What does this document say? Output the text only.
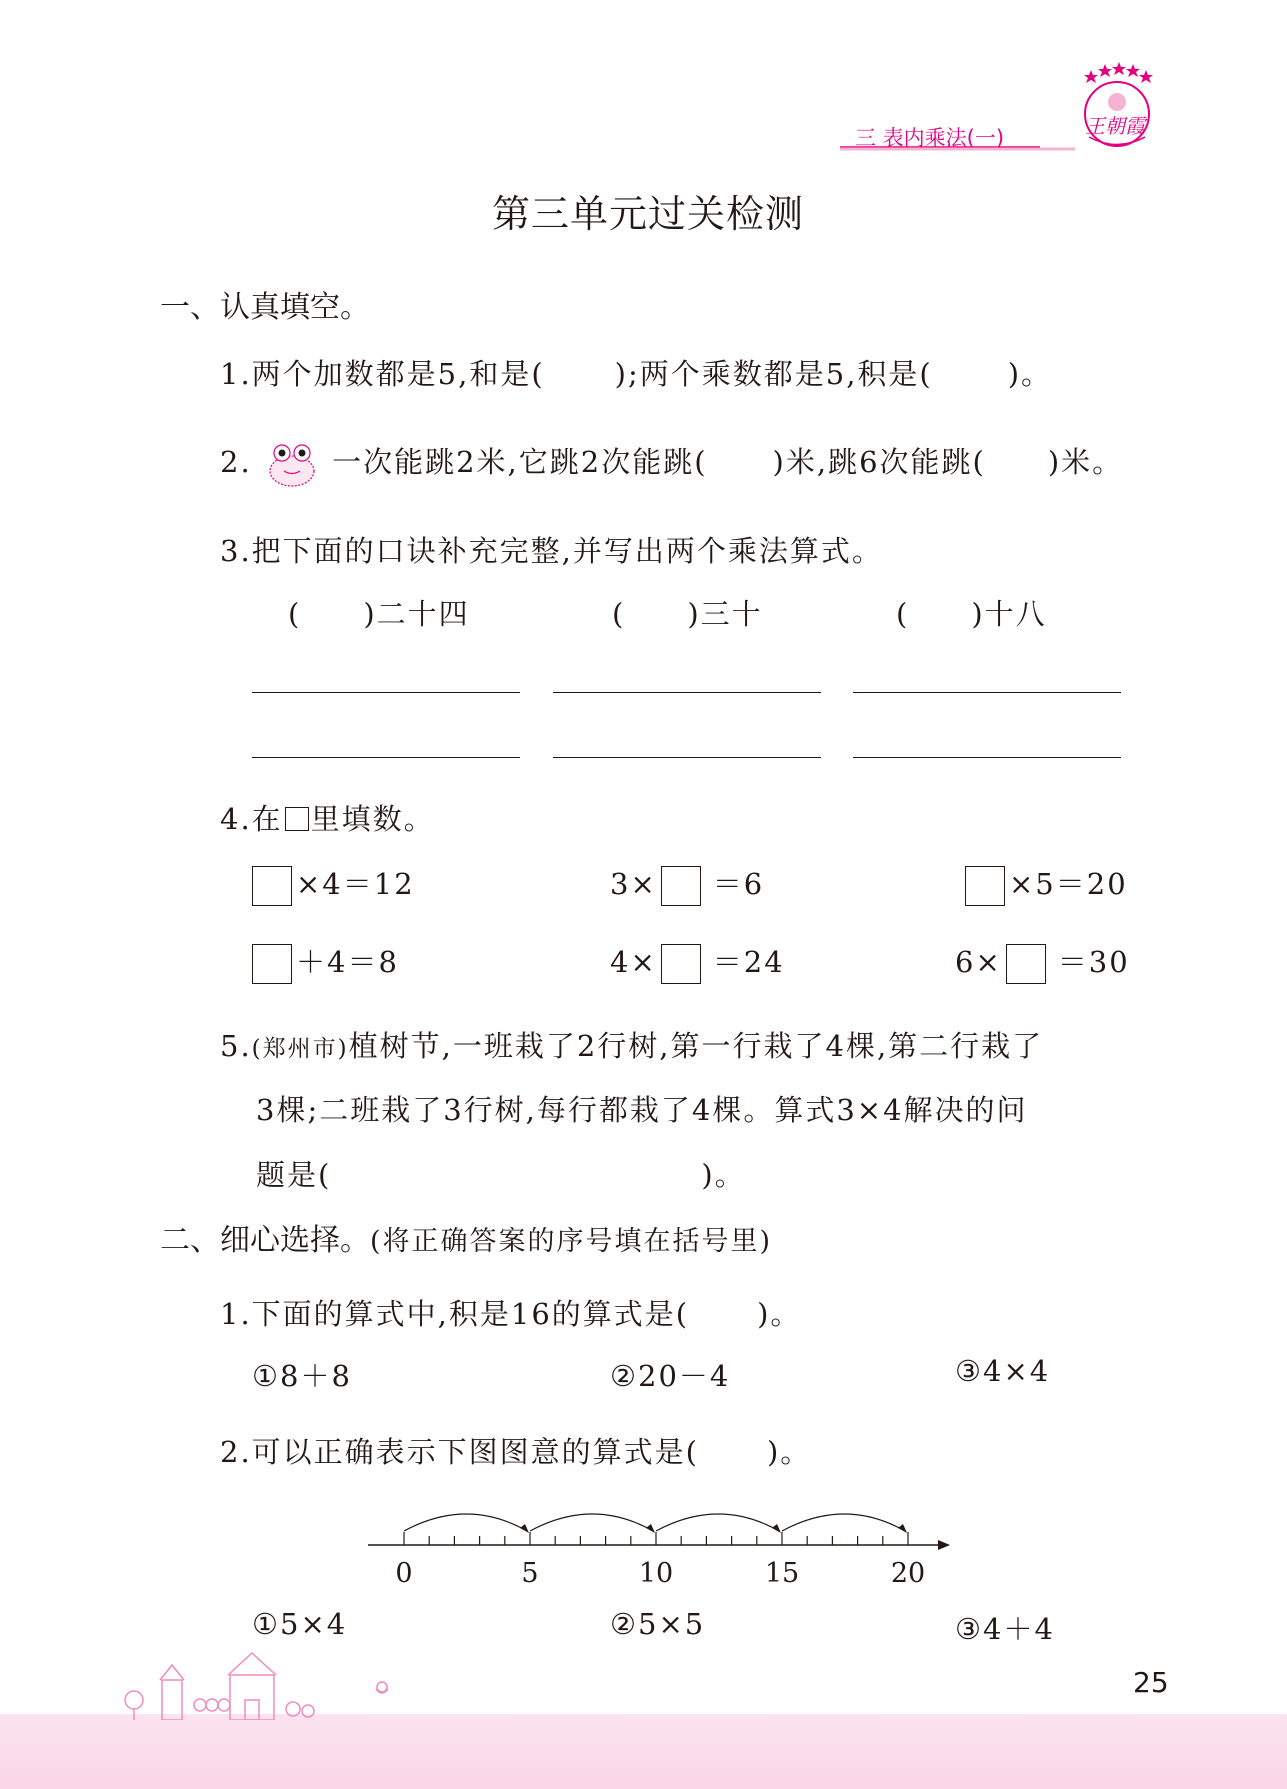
三 表内乘法(一)	王朝霞
第三单元过关检测
一、认真填空。
1.两个加数都是5,和是( );两个乘数都是5,积是(	)。
2.	一次能跳2米,它跳2次能跳( )米,跳6次能跳( )米。
3.把下面的口诀补充完整,并写出两个乘法算式。
( )二十四	( )三十	( )十八
4.在 里填数。
×4＝12	3× ＝6	×5＝20
＋4＝8	4× ＝24	6× ＝30
5.(郑州市)植树节,一班栽了2行树,第一行栽了4棵,第二行栽了
3棵;二班栽了3行树,每行都栽了4棵。算式3×4解决的问
题是(	)。
二、细心选择。(将正确答案的序号填在括号里)
1.下面的算式中,积是16的算式是( )。
①8＋8	②20－4	③4×4
2.可以正确表示下图图意的算式是( )。
0	5	10	15	20
①5×4	②5×5	③4＋4
25
